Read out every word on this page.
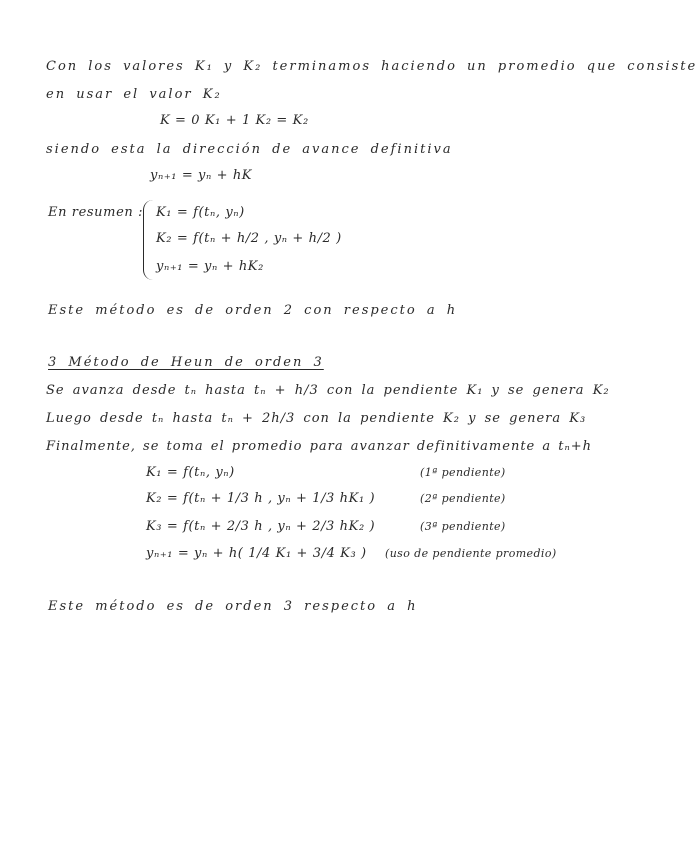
Con los valores K₁ y K₂ terminamos haciendo un promedio que consiste
en usar el valor K₂
K = 0 K₁ + 1 K₂ = K₂
siendo esta la dirección de avance definitiva
yₙ₊₁ = yₙ + hK
En resumen : K₁ = f(tₙ, yₙ)
K₂ = f(tₙ + h/2 , yₙ + h/2 )
yₙ₊₁ = yₙ + hK₂
Este método es de orden 2 con respecto a h
3 Método de Heun de orden 3
Se avanza desde tₙ hasta tₙ + h/3 con la pendiente K₁ y se genera K₂
Luego desde tₙ hasta tₙ + 2h/3 con la pendiente K₂ y se genera K₃
Finalmente, se toma el promedio para avanzar definitivamente a tₙ+h
K₁ = f(tₙ, yₙ)
K₂ = f(tₙ + 1/3 h , yₙ + 1/3 hK₁ )
K₃ = f(tₙ + 2/3 h , yₙ + 2/3 hK₂ )
yₙ₊₁ = yₙ + h( 1/4 K₁ + 3/4 K₃ )
(1ª pendiente)
(2ª pendiente)
(3ª pendiente)
(uso de pendiente promedio)
Este método es de orden 3 respecto a h
